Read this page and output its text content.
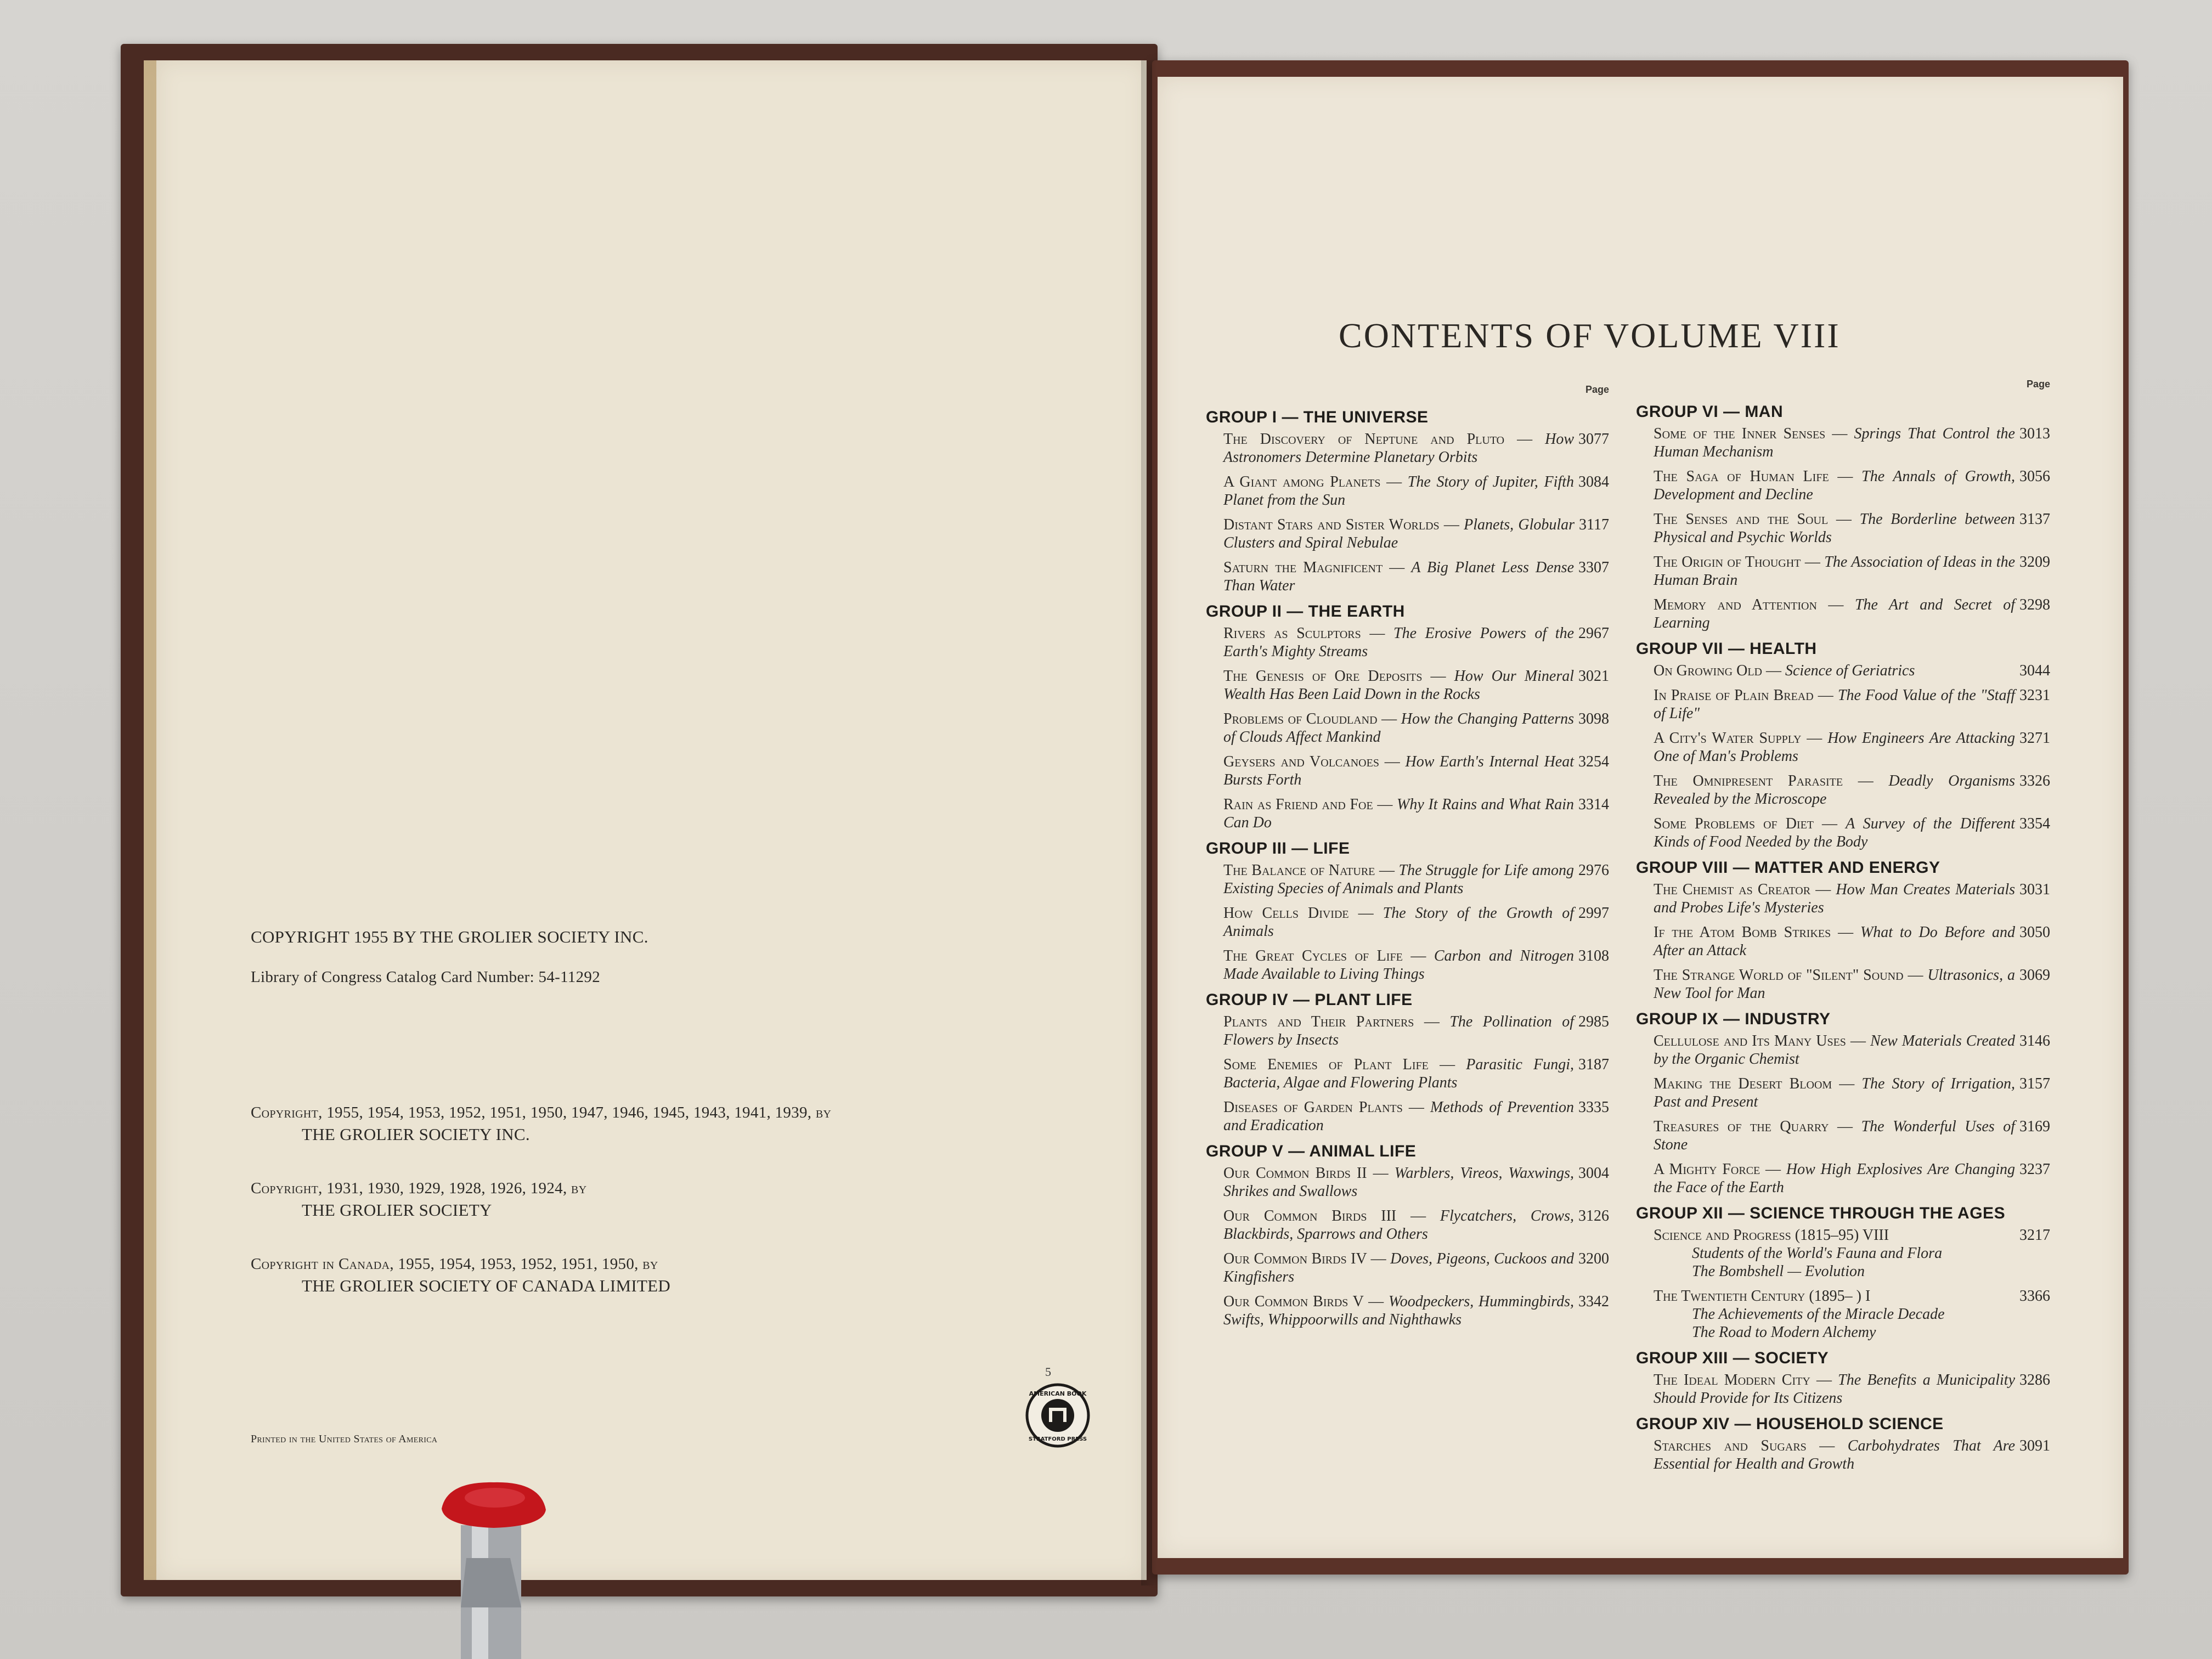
COPYRIGHT 1955 BY THE GROLIER SOCIETY INC.
Library of Congress Catalog Card Number: 54-11292
Copyright, 1955, 1954, 1953, 1952, 1951, 1950, 1947, 1946, 1945, 1943, 1941, 1939, by
THE GROLIER SOCIETY INC.
Copyright, 1931, 1930, 1929, 1928, 1926, 1924, by
THE GROLIER SOCIETY
Copyright in Canada, 1955, 1954, 1953, 1952, 1951, 1950, by
THE GROLIER SOCIETY OF CANADA LIMITED
Printed in the United States of America
5
AMERICAN BOOK
STRATFORD PRESS
CONTENTS OF VOLUME VIII
Page
GROUP I — THE UNIVERSE
3077
The Discovery of Neptune and Pluto — How Astronomers Determine Planetary Orbits
3084
A Giant among Planets — The Story of Jupiter, Fifth Planet from the Sun
3117
Distant Stars and Sister Worlds — Planets, Globular Clusters and Spiral Nebulae
3307
Saturn the Magnificent — A Big Planet Less Dense Than Water
GROUP II — THE EARTH
2967
Rivers as Sculptors — The Erosive Powers of the Earth's Mighty Streams
3021
The Genesis of Ore Deposits — How Our Mineral Wealth Has Been Laid Down in the Rocks
3098
Problems of Cloudland — How the Changing Patterns of Clouds Affect Mankind
3254
Geysers and Volcanoes — How Earth's Internal Heat Bursts Forth
3314
Rain as Friend and Foe — Why It Rains and What Rain Can Do
GROUP III — LIFE
2976
The Balance of Nature — The Struggle for Life among Existing Species of Animals and Plants
2997
How Cells Divide — The Story of the Growth of Animals
3108
The Great Cycles of Life — Carbon and Nitrogen Made Available to Living Things
GROUP IV — PLANT LIFE
2985
Plants and Their Partners — The Pollination of Flowers by Insects
3187
Some Enemies of Plant Life — Parasitic Fungi, Bacteria, Algae and Flowering Plants
3335
Diseases of Garden Plants — Methods of Prevention and Eradication
GROUP V — ANIMAL LIFE
3004
Our Common Birds II — Warblers, Vireos, Waxwings, Shrikes and Swallows
3126
Our Common Birds III — Flycatchers, Crows, Blackbirds, Sparrows and Others
3200
Our Common Birds IV — Doves, Pigeons, Cuckoos and Kingfishers
3342
Our Common Birds V — Woodpeckers, Hummingbirds, Swifts, Whippoorwills and Nighthawks
Page
GROUP VI — MAN
3013
Some of the Inner Senses — Springs That Control the Human Mechanism
3056
The Saga of Human Life — The Annals of Growth, Development and Decline
3137
The Senses and the Soul — The Borderline between Physical and Psychic Worlds
3209
The Origin of Thought — The Association of Ideas in the Human Brain
3298
Memory and Attention — The Art and Secret of Learning
GROUP VII — HEALTH
3044
On Growing Old — Science of Geriatrics
3231
In Praise of Plain Bread — The Food Value of the "Staff of Life"
3271
A City's Water Supply — How Engineers Are Attacking One of Man's Problems
3326
The Omnipresent Parasite — Deadly Organisms Revealed by the Microscope
3354
Some Problems of Diet — A Survey of the Different Kinds of Food Needed by the Body
GROUP VIII — MATTER AND ENERGY
3031
The Chemist as Creator — How Man Creates Materials and Probes Life's Mysteries
3050
If the Atom Bomb Strikes — What to Do Before and After an Attack
3069
The Strange World of "Silent" Sound — Ultrasonics, a New Tool for Man
GROUP IX — INDUSTRY
3146
Cellulose and Its Many Uses — New Materials Created by the Organic Chemist
3157
Making the Desert Bloom — The Story of Irrigation, Past and Present
3169
Treasures of the Quarry — The Wonderful Uses of Stone
3237
A Mighty Force — How High Explosives Are Changing the Face of the Earth
GROUP XII — SCIENCE THROUGH THE AGES
3217
Science and Progress (1815–95) VIII
Students of the World's Fauna and Flora
The Bombshell — Evolution
3366
The Twentieth Century (1895– ) I
The Achievements of the Miracle Decade
The Road to Modern Alchemy
GROUP XIII — SOCIETY
3286
The Ideal Modern City — The Benefits a Municipality Should Provide for Its Citizens
GROUP XIV — HOUSEHOLD SCIENCE
3091
Starches and Sugars — Carbohydrates That Are Essential for Health and Growth
